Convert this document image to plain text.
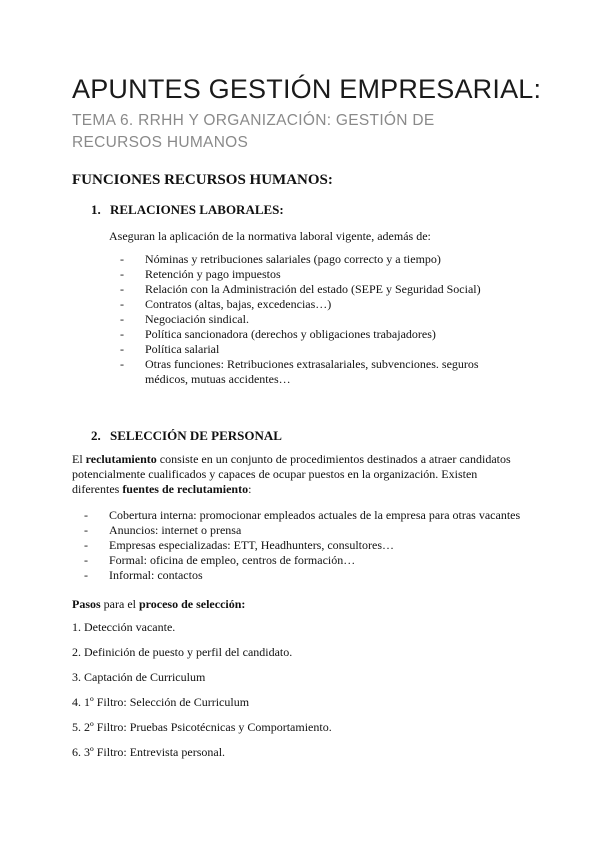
APUNTES GESTIÓN EMPRESARIAL:
TEMA 6. RRHH Y ORGANIZACIÓN: GESTIÓN DE RECURSOS HUMANOS
FUNCIONES RECURSOS HUMANOS:
1. RELACIONES LABORALES:
Aseguran la aplicación de la normativa laboral vigente, además de:
- Nóminas y retribuciones salariales (pago correcto y a tiempo)
- Retención y pago impuestos
- Relación con la Administración del estado (SEPE y Seguridad Social)
- Contratos (altas, bajas, excedencias…)
- Negociación sindical.
- Política sancionadora (derechos y obligaciones trabajadores)
- Política salarial
- Otras funciones: Retribuciones extrasalariales, subvenciones. seguros médicos, mutuas accidentes…
2. SELECCIÓN DE PERSONAL
El reclutamiento consiste en un conjunto de procedimientos destinados a atraer candidatos potencialmente cualificados y capaces de ocupar puestos en la organización. Existen diferentes fuentes de reclutamiento:
- Cobertura interna: promocionar empleados actuales de la empresa para otras vacantes
- Anuncios: internet o prensa
- Empresas especializadas: ETT, Headhunters, consultores…
- Formal: oficina de empleo, centros de formación…
- Informal: contactos
Pasos para el proceso de selección:
1. Detección vacante.
2. Definición de puesto y perfil del candidato.
3. Captación de Curriculum
4. 1º Filtro: Selección de Curriculum
5. 2º Filtro: Pruebas Psicotécnicas y Comportamiento.
6. 3º Filtro: Entrevista personal.
